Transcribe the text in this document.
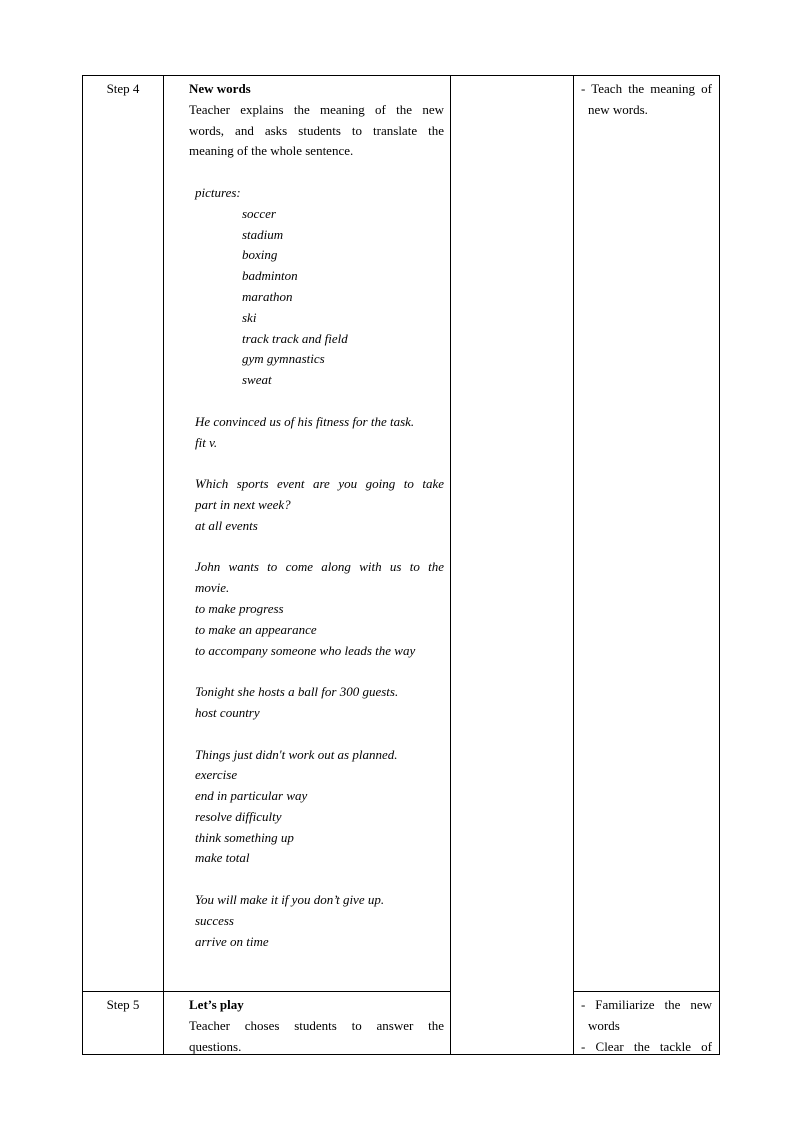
Step 4	New words
Teacher explains the meaning of the new
words, and asks students to translate the
meaning of the whole sentence.
pictures:
soccer
stadium
boxing
badminton
marathon
ski
track track and field
gym gymnastics
sweat
He convinced us of his fitness for the task.
fit v.
Which sports event are you going to take
part in next week?
at all events
John wants to come along with us to the
movie.
to make progress
to make an appearance
to accompany someone who leads the way
Tonight she hosts a ball for 300 guests.
host country
Things just didn't work out as planned.
exercise
end in particular way
resolve difficulty
think something up
make total
You will make it if you don’t give up.
success
arrive on time
- Teach the meaning of
new words.
Step 5	Let’s play
Teacher choses students to answer the
questions.
- Familiarize the new
words
- Clear the tackle of
